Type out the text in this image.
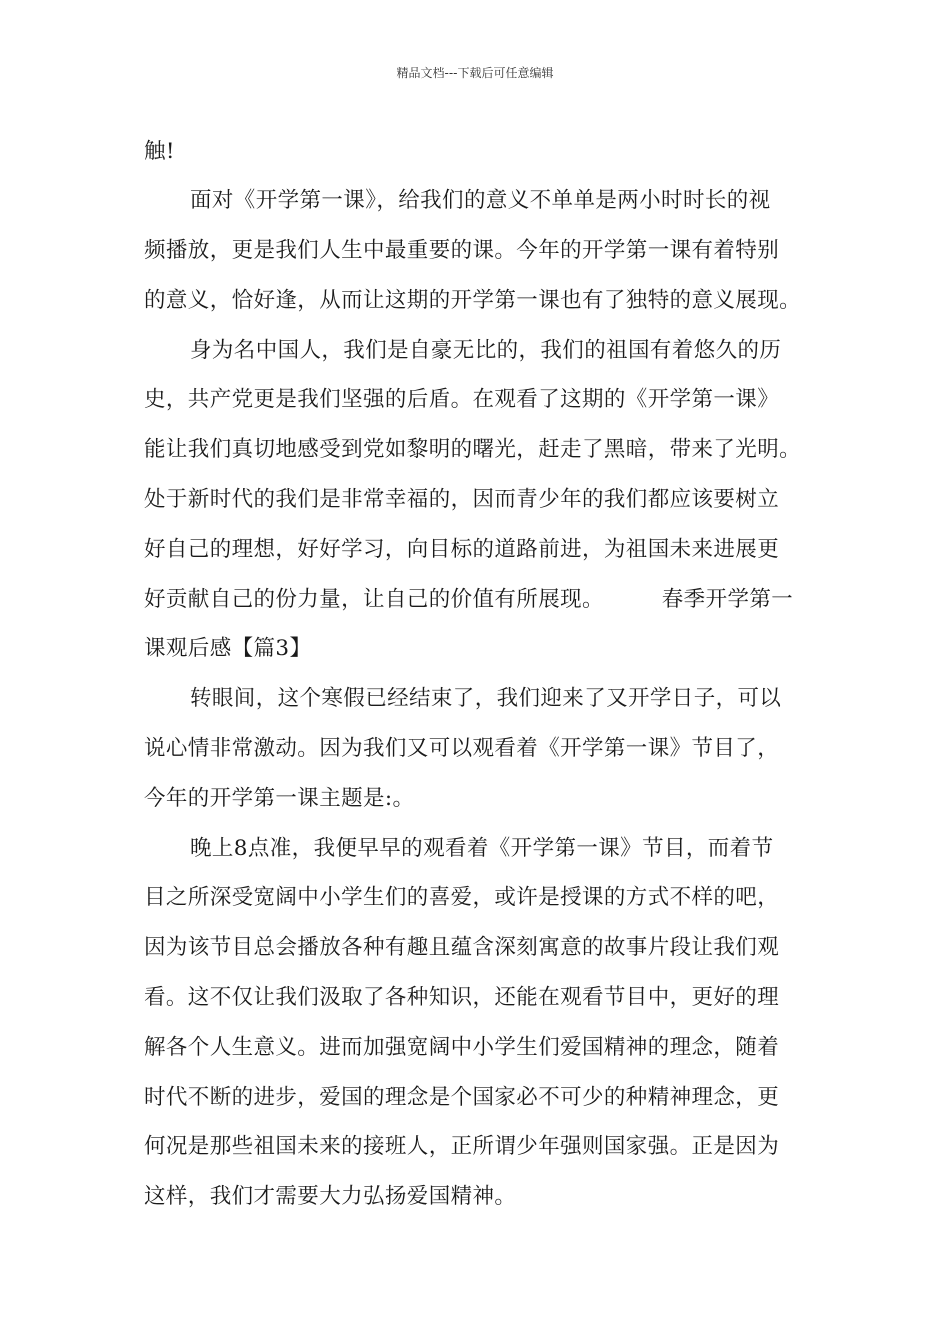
精品文档---下载后可任意编辑
触!
面对《开学第一课》，给我们的意义不单单是两小时时长的视
频播放，更是我们人生中最重要的课。今年的开学第一课有着特别
的意义，恰好逢，从而让这期的开学第一课也有了独特的意义展现。
身为名中国人，我们是自豪无比的，我们的祖国有着悠久的历
史，共产党更是我们坚强的后盾。在观看了这期的《开学第一课》
能让我们真切地感受到党如黎明的曙光，赶走了黑暗，带来了光明。
处于新时代的我们是非常幸福的，因而青少年的我们都应该要树立
好自己的理想，好好学习，向目标的道路前进，为祖国未来进展更
好贡献自己的份力量，让自己的价值有所展现。        春季开学第一
课观后感【篇3】
转眼间，这个寒假已经结束了，我们迎来了又开学日子，可以
说心情非常激动。因为我们又可以观看着《开学第一课》节目了，
今年的开学第一课主题是:。
晚上8点准，我便早早的观看着《开学第一课》节目，而着节
目之所深受宽阔中小学生们的喜爱，或许是授课的方式不样的吧，
因为该节目总会播放各种有趣且蕴含深刻寓意的故事片段让我们观
看。这不仅让我们汲取了各种知识，还能在观看节目中，更好的理
解各个人生意义。进而加强宽阔中小学生们爱国精神的理念，随着
时代不断的进步，爱国的理念是个国家必不可少的种精神理念，更
何况是那些祖国未来的接班人，正所谓少年强则国家强。正是因为
这样，我们才需要大力弘扬爱国精神。
